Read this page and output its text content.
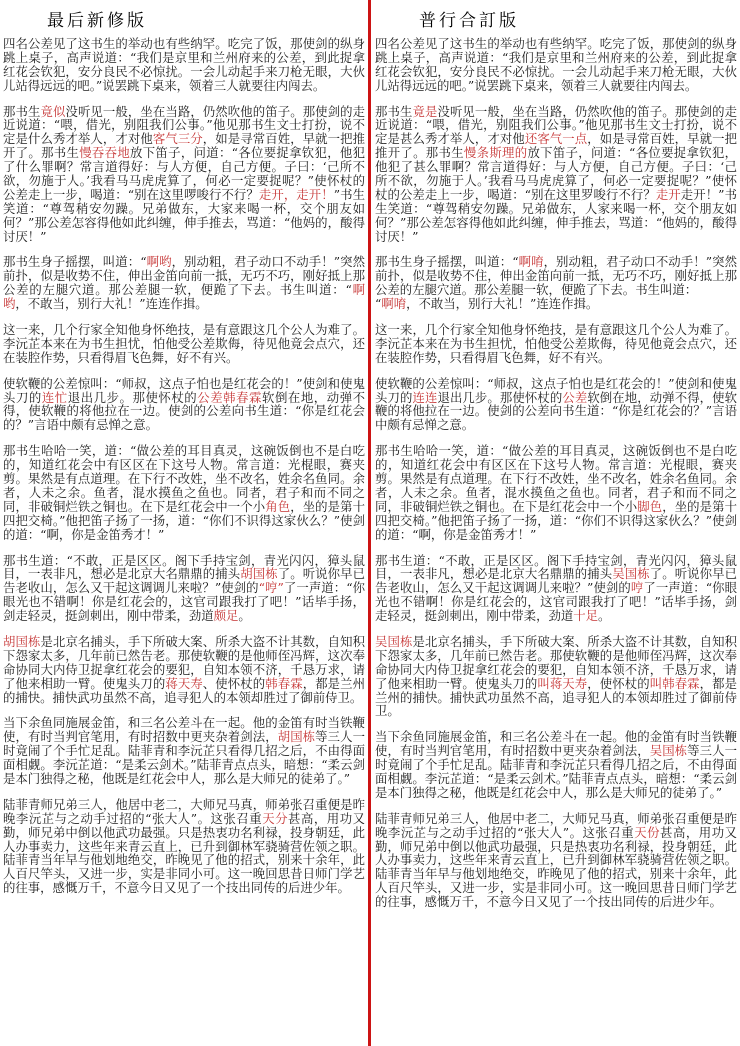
最后新修版

四名公差见了这书生的举动也有些纳罕。吃完了饭，那使剑的纵身跳上桌子，高声说道：“我们是京里和兰州府来的公差，到此捉拿红花会钦犯，安分良民不必惊扰。一会儿动起手来刀枪无眼，大伙儿站得远远的吧。”说罢跳下桌来，领着三人就要往内闯去。

那书生竟似没听见一般，坐在当路，仍然吹他的笛子。那使剑的走近说道：“喂，借光，别阻我们公事。”他见那书生文士打扮，说不定是什么秀才举人，才对他客气三分，如是寻常百姓，早就一把推开了。那书生慢吞吞地放下笛子，问道：“各位要捉拿钦犯，他犯了什么罪啊？常言道得好：与人方便，自己方便。子曰：‘己所不欲，勿施于人。’我看马马虎虎算了，何必一定要捉呢？”使怀杖的公差走上一步，喝道：“别在这里啰唆行不行？走开，走开！”书生笑道：“尊驾稍安勿躁。兄弟做东，大家来喝一杯，交个朋友如何？”那公差怎容得他如此纠缠，伸手推去，骂道：“他妈的，酸得讨厌！”

那书生身子摇摆，叫道：“啊哟，别动粗，君子动口不动手！”突然前扑，似是收势不住，伸出金笛向前一抵，无巧不巧，刚好抵上那公差的左腿穴道。那公差腿一软，便跪了下去。书生叫道：“啊哟，不敢当，别行大礼！”连连作揖。

这一来，几个行家全知他身怀绝技，是有意跟这几个公人为难了。李沅芷本来在为书生担忧，怕他受公差欺侮，待见他竟会点穴，还在装腔作势，只看得眉飞色舞，好不有兴。

使软鞭的公差惊叫：“师叔，这点子怕也是红花会的！”使剑和使鬼头刀的连忙退出几步。那使怀杖的公差韩春霖软倒在地，动弹不得，使软鞭的将他拉在一边。使剑的公差向书生道：“你是红花会的？”言语中颇有忌惮之意。

那书生哈哈一笑，道：“做公差的耳目真灵，这碗饭倒也不是白吃的，知道红花会中有区区在下这号人物。常言道：光棍眼，赛夹剪。果然是有点道理。在下行不改姓，坐不改名，姓余名鱼同。余者，人未之余。鱼者，混水摸鱼之鱼也。同者，君子和而不同之同，非破铜烂铁之铜也。在下是红花会中一个小角色，坐的是第十四把交椅。”他把笛子扬了一扬，道：“你们不识得这家伙么？”使剑的道：“啊，你是金笛秀才！”

那书生道：“不敢，正是区区。阁下手持宝剑，青光闪闪，獐头鼠目，一表非凡，想必是北京大名鼎鼎的捕头胡国栋了。听说你早已告老收山，怎么又干起这调调儿来啦？”使剑的“哼”了一声道：“你眼光也不错啊！你是红花会的，这官司跟我打了吧！”话毕手扬，剑走轻灵，挺剑刺出，刚中带柔，劲道颇足。

胡国栋是北京名捕头，手下所破大案、所杀大盗不计其数，自知积下怨家太多，几年前已然告老。那使软鞭的是他师侄冯辉，这次奉命协同大内侍卫捉拿红花会的要犯，自知本领不济，千恳万求，请了他来相助一臂。使鬼头刀的蒋天寿、使怀杖的韩春霖，都是兰州的捕快。捕快武功虽然不高，追寻犯人的本领却胜过了御前侍卫。

当下余鱼同施展金笛，和三名公差斗在一起。他的金笛有时当铁鞭使，有时当判官笔用，有时招数中更夹杂着剑法，胡国栋等三人一时竟闹了个手忙足乱。陆菲青和李沅芷只看得几招之后，不由得面面相觑。李沅芷道：“是柔云剑术。”陆菲青点点头，暗想：“柔云剑是本门独得之秘，他既是红花会中人，那么是大师兄的徒弟了。”

陆菲青师兄弟三人，他居中老二，大师兄马真，师弟张召重便是昨晚李沅芷与之动手过招的“张大人”。这张召重天分甚高，用功又勤，师兄弟中倒以他武功最强。只是热衷功名利禄，投身朝廷，此人办事卖力，这些年来青云直上，已升到御林军骁骑营佐领之职。陆菲青当年早与他划地绝交，昨晚见了他的招式，别来十余年，此人百尺竿头，又进一步，实是非同小可。这一晚回思昔日师门学艺的往事，感慨万千，不意今日又见了一个技出同传的后进少年。

普行合訂版

四名公差见了这书生的举动也有些纳罕。吃完了饭，那使剑的纵身跳上桌子，高声说道：“我们是京里和兰州府来的公差，到此捉拿红花会钦犯，安分良民不必惊扰。一会儿动起手来刀枪无眼，大伙儿站得远远的吧。”说罢跳下桌来，领着三人就要往内闯去。

那书生竟是没听见一般，坐在当路，仍然吹他的笛子。那使剑的走近说道：“喂，借光，别阻我们公事。”他见那书生文士打扮，说不定是甚么秀才举人，才对他还客气一点，如是寻常百姓，早就一把推开了。那书生慢条斯理的放下笛子，问道：“各位要捉拿钦犯，他犯了甚么罪啊？常言道得好：与人方便，自己方便。子曰：‘己所不欲，勿施于人。’我看马马虎虎算了，何必一定要捉呢？”使怀杖的公差走上一步，喝道：“别在这里罗唆行不行？走开走开！”书生笑道：“尊驾稍安勿躁。兄弟做东，人家来喝一杯，交个朋友如何？”那公差怎容得他如此纠缠，伸手推去，骂道：“他妈的，酸得讨厌！”

那书生身子摇摆，叫道：“啊唷，别动粗，君子动口不动手！”突然前扑，似是收势不住，伸出金笛向前一抵，无巧不巧，刚好抵上那公差的左腿穴道。那公差腿一软，便跪了下去。书生叫道：
“啊唷，不敢当，别行大礼！”连连作揖。

这一来，几个行家全知他身怀绝技，是有意跟这几个公人为难了。李沅芷本来在为书生担忧，怕他受公差欺侮，待见他竟会点穴，还在装腔作势，只看得眉飞色舞，好不有兴。

使软鞭的公差惊叫：“师叔，这点子怕也是红花会的！”使剑和使鬼头刀的连连退出几步。那使怀杖的公差软倒在地，动弹不得，使软鞭的将他拉在一边。使剑的公差向书生道：“你是红花会的？”言语中颇有忌惮之意。

那书生哈哈一笑，道：“做公差的耳目真灵，这碗饭倒也不是白吃的，知道红花会中有区区在下这号人物。常言道：光棍眼，赛夹剪。果然是有点道理。在下行不改姓，坐不改名，姓余名鱼同。余者，人未之余。鱼者，混水摸鱼之鱼也。同者，君子和而不同之同，非破铜烂铁之铜也。在下是红花会中一个小脚色，坐的是第十四把交椅。”他把笛子扬了一扬，道：“你们不识得这家伙么？”使剑的道：“啊，你是金笛秀才！”

那书生道：“不敢，正是区区。阁下手持宝剑，青光闪闪，獐头鼠目，一表非凡，想必是北京大名鼎鼎的捕头吴国栋了。听说你早已告老收山，怎么又干起这调调儿来啦？”使剑的哼了一声道：“你眼光也不错啊！你是红花会的，这官司跟我打了吧！”话毕手扬，剑走轻灵，挺剑刺出，刚中带柔，劲道十足。

吴国栋是北京名捕头，手下所破大案、所杀大盗不计其数，自知积下怨家太多，几年前已然告老。那使软鞭的是他师侄冯辉，这次奉命协同大内侍卫捉拿红花会的要犯，自知本领不济，千恳万求，请了他来相助一臂。使鬼头刀的叫蒋天寿，使怀杖的叫韩春霖，都是兰州的捕快。捕快武功虽然不高，追寻犯人的本领却胜过了御前侍卫。

当下余鱼同施展金笛，和三名公差斗在一起。他的金笛有时当铁鞭使，有时当判官笔用，有时招数中更夹杂着剑法，吴国栋等三人一时竟闹了个手忙足乱。陆菲青和李沅芷只看得几招之后，不由得面面相觑。李沅芷道：“是柔云剑术。”陆菲青点点头，暗想：“柔云剑是本门独得之秘，他既是红花会中人，那么是大师兄的徒弟了。”

陆菲青师兄弟三人，他居中老二，大师兄马真，师弟张召重便是昨晚李沅芷与之动手过招的“张大人”。这张召重天份甚高，用功又勤，师兄弟中倒以他武功最强，只是热衷功名利禄，投身朝廷，此人办事卖力，这些年来青云直上，已升到御林军骁骑营佐领之职。陆菲青当年早与他划地绝交，昨晚见了他的招式，别来十余年，此人百尺竿头，又进一步，实是非同小可。这一晚回思昔日师门学艺的往事，感慨万千，不意今日又见了一个技出同传的后进少年。
